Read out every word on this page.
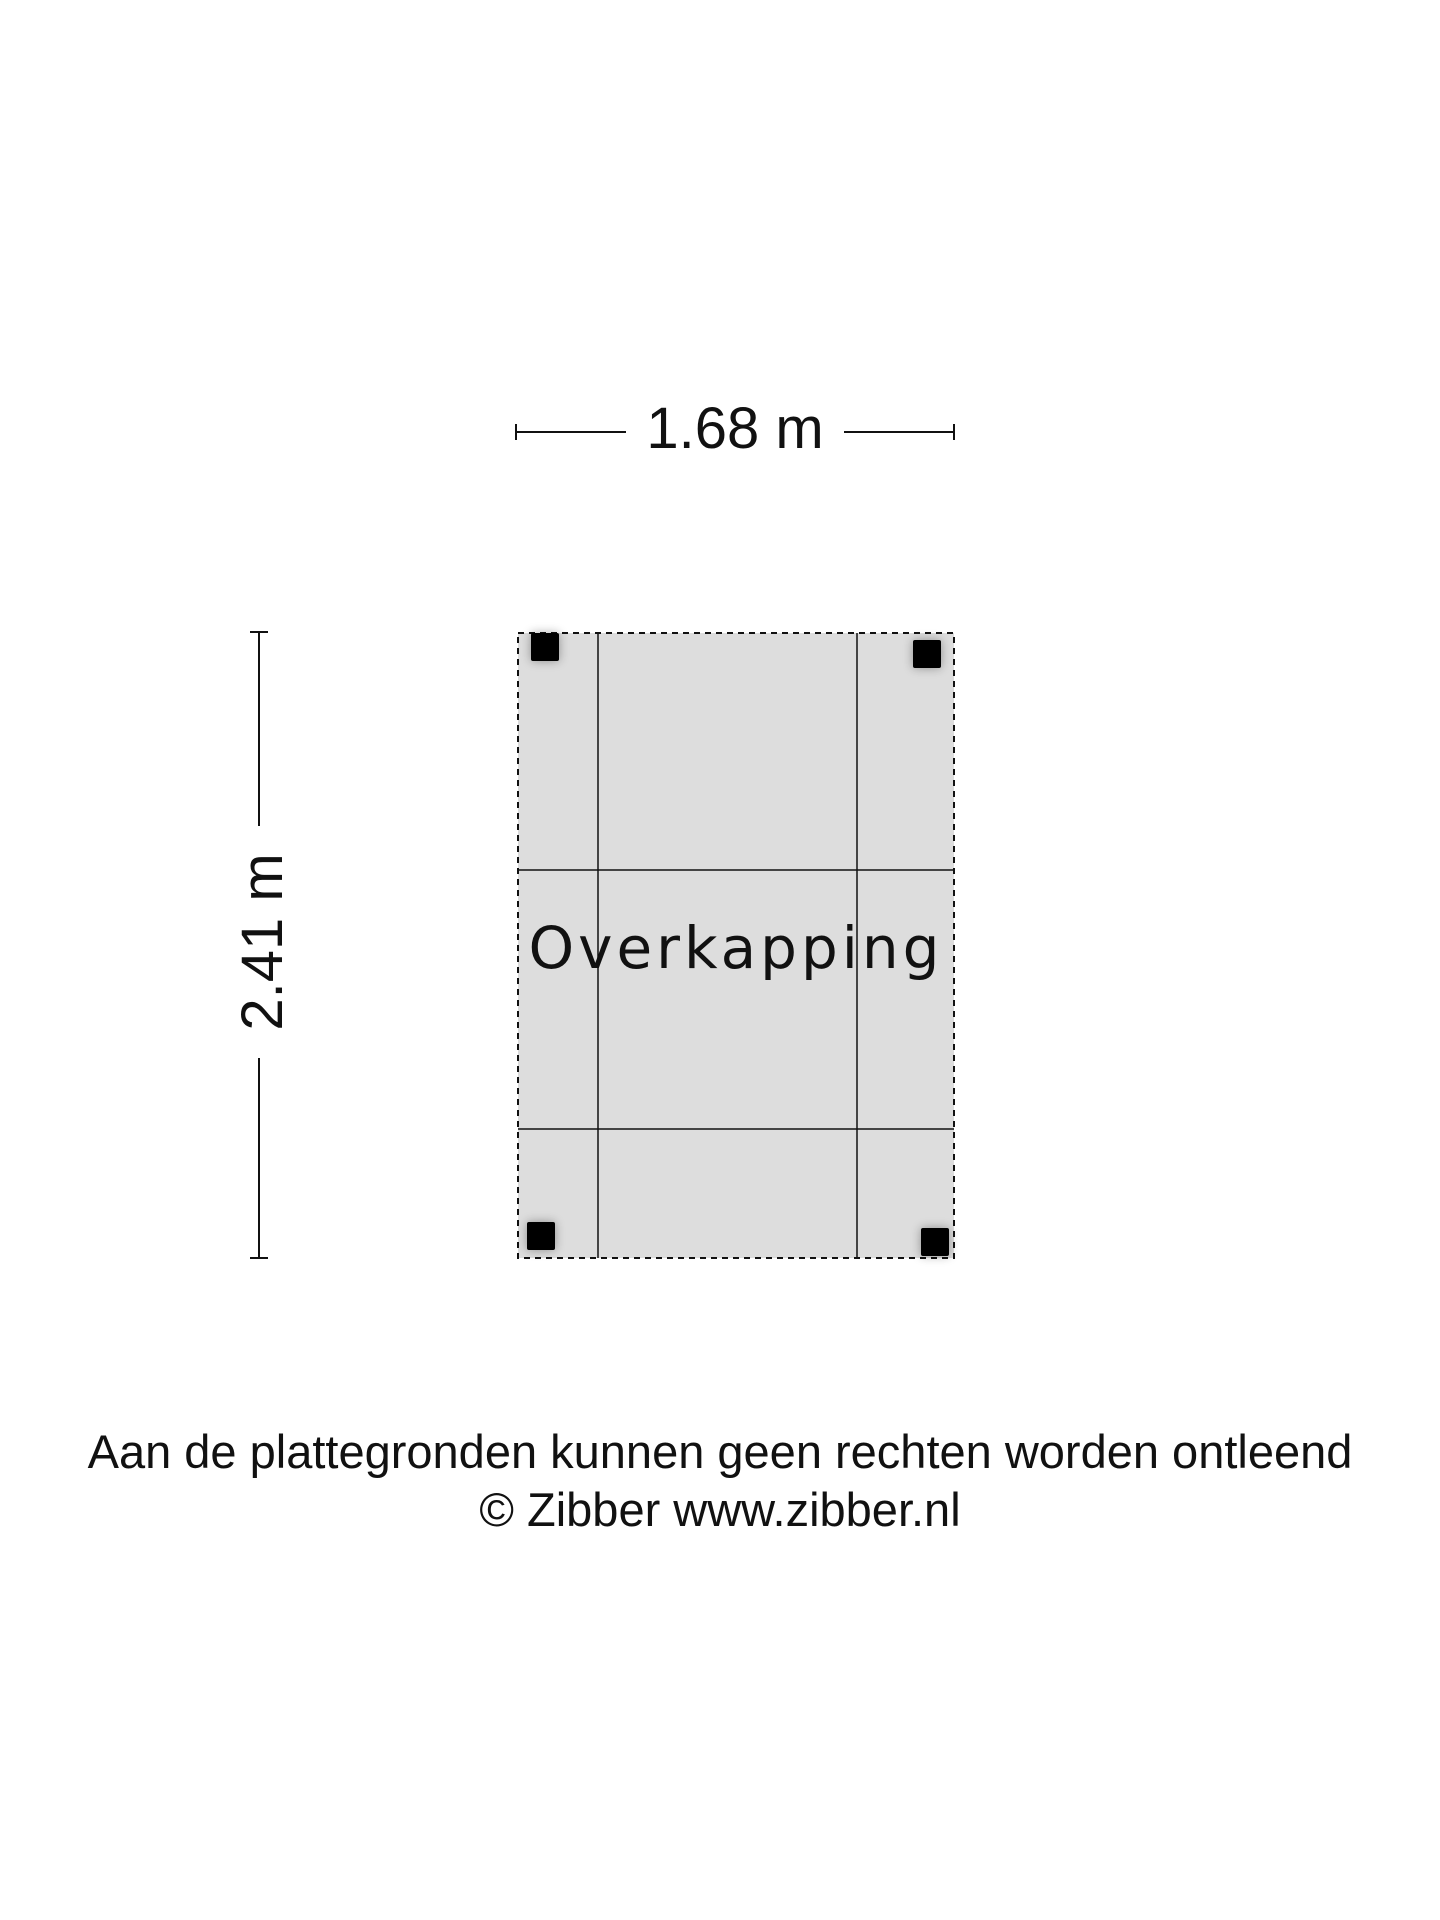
1.68 m
2.41 m	Overkapping
Aan de plattegronden kunnen geen rechten worden ontleend
© Zibber www.zibber.nl
